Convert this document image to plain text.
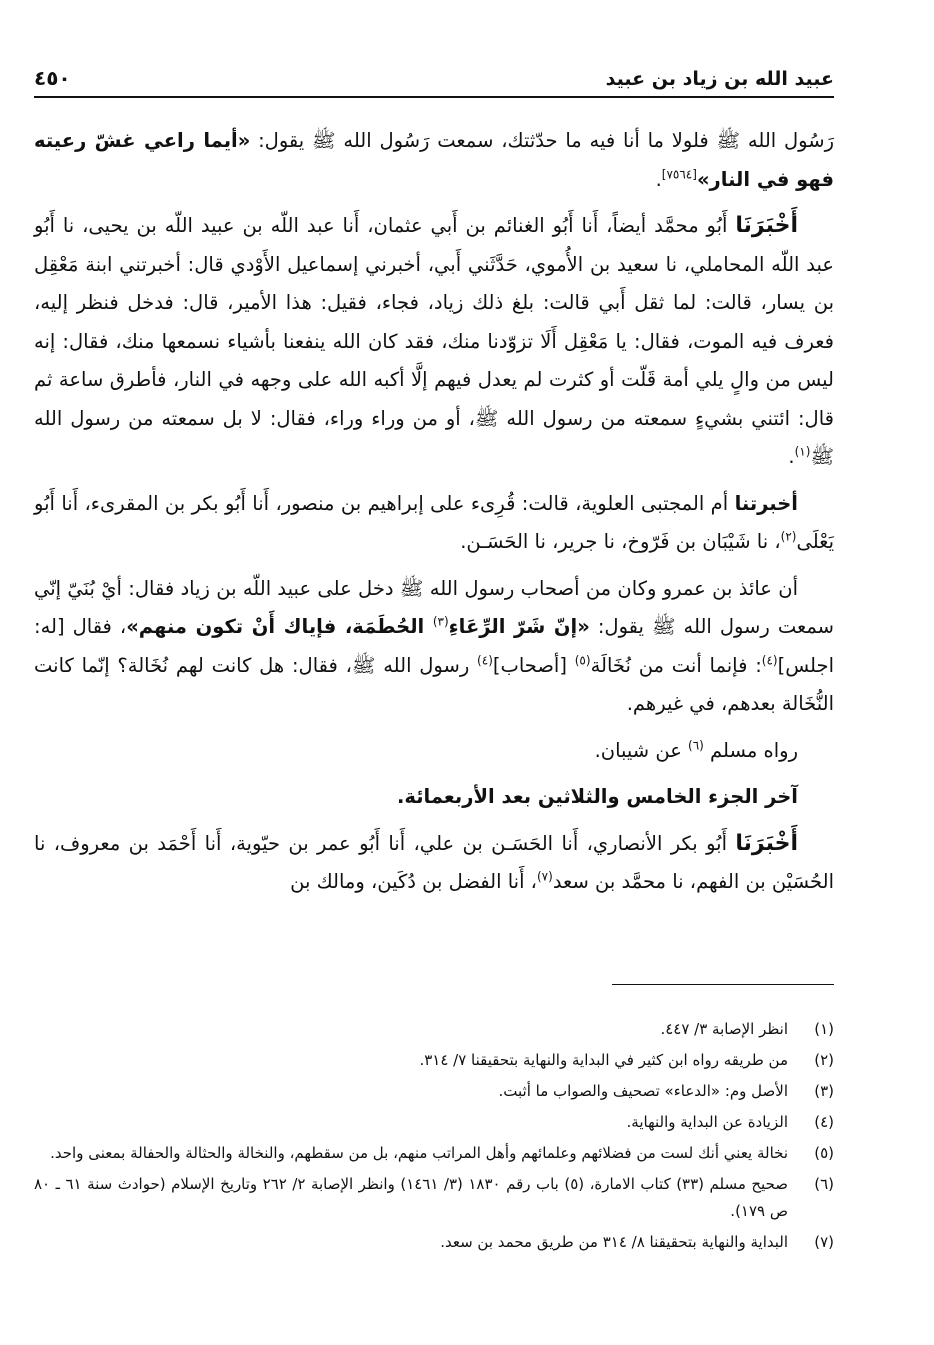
عبيد الله بن زياد بن عبيد
٤٥٠

رَسُول الله ﷺ فلولا ما أنا فيه ما حدّثتك، سمعت رَسُول الله ﷺ يقول: «أيما راعي غشّ رعيته فهو في النار»[٧٥٦٤].

أَخْبَرَنَا أَبُو محمَّد أيضاً، أَنا أَبُو الغنائم بن أَبي عثمان، أَنا عبد اللّه بن عبيد اللّه بن يحيى، نا أَبُو عبد اللّه المحاملي، نا سعيد بن الأُموي، حَدَّثَني أَبي، أخبرني إسماعيل الأَوْدي قال: أخبرتني ابنة مَعْقِل بن يسار، قالت: لما ثقل أَبي قالت: بلغ ذلك زياد، فجاء، فقيل: هذا الأمير، قال: فدخل فنظر إليه، فعرف فيه الموت، فقال: يا مَعْقِل أَلَا تزوّدنا منك، فقد كان الله ينفعنا بأشياء نسمعها منك، فقال: إنه ليس من والٍ يلي أمة قَلّت أو كثرت لم يعدل فيهم إلَّا أكبه الله على وجهه في النار، فأطرق ساعة ثم قال: ائتني بشيءٍ سمعته من رسول الله ﷺ، أو من وراء وراء، فقال: لا بل سمعته من رسول الله ﷺ$^{(١)}$.

أخبرتنا أم المجتبى العلوية، قالت: قُرِىء على إبراهيم بن منصور، أَنا أَبُو بكر بن المقرىء، أَنا أَبُو يَعْلَى$^{(٢)}$، نا شَيْبَان بن فَرّوخ، نا جرير، نا الحَسَـن.

أن عائذ بن عمرو وكان من أصحاب رسول الله ﷺ دخل على عبيد اللّه بن زياد فقال: أيْ بُنَيّ إنّي سمعت رسول الله ﷺ يقول: «إنّ شَرّ الرِّعَاءِ$^{(٣)}$ الحُطَمَة، فإياك أَنْ تكون منهم»، فقال [له: اجلس]$^{(٤)}$: فإنما أنت من نُخَالَة$^{(٥)}$ [أصحاب]$^{(٤)}$ رسول الله ﷺ، فقال: هل كانت لهم نُخَالة؟ إنّما كانت النُّخَالة بعدهم، في غيرهم.

رواه مسلم $^{(٦)}$ عن شيبان.

آخر الجزء الخامس والثلاثين بعد الأربعمائة.

أَخْبَرَنَا أَبُو بكر الأنصاري، أَنا الحَسَـن بن علي، أَنا أَبُو عمر بن حيّوية، أَنا أَحْمَد بن معروف، نا الحُسَيْن بن الفهم، نا محمَّد بن سعد$^{(٧)}$، أَنا الفضل بن دُكَين، ومالك بن

(١)
انظر الإصابة ٣/ ٤٤٧.
(٢)
من طريقه رواه ابن كثير في البداية والنهاية بتحقيقنا ٧/ ٣١٤.
(٣)
الأصل وم: «الدعاء» تصحيف والصواب ما أثبت.
(٤)
الزيادة عن البداية والنهاية.
(٥)
نخالة يعني أنك لست من فضلائهم وعلمائهم وأهل المراتب منهم، بل من سقطهم، والنخالة والحثالة والحفالة بمعنى واحد.
(٦)
صحيح مسلم (٣٣) كتاب الامارة، (٥) باب رقم ١٨٣٠ (٣/ ١٤٦١) وانظر الإصابة ٢/ ٢٦٢ وتاريخ الإسلام (حوادث سنة ٦١ ـ ٨٠ ص ١٧٩).
(٧)
البداية والنهاية بتحقيقنا ٨/ ٣١٤ من طريق محمد بن سعد.
